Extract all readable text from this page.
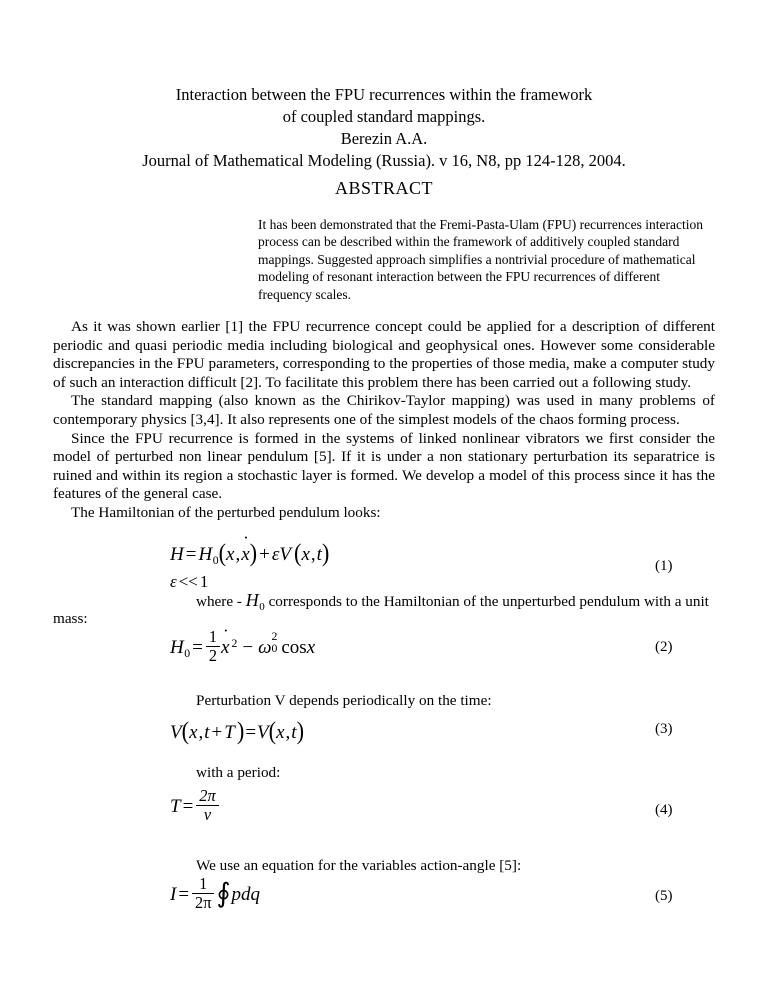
Interaction between the FPU recurrences within the framework
of coupled standard mappings.
Berezin A.A.
Journal of Mathematical Modeling (Russia). v 16, N8, pp 124-128, 2004.
ABSTRACT
It has been demonstrated that the Fremi-Pasta-Ulam (FPU) recurrences interaction process can be described within the framework of additively coupled standard mappings. Suggested approach simplifies a nontrivial procedure of mathematical modeling of resonant interaction between the FPU recurrences of different frequency scales.

As it was shown earlier [1] the FPU recurrence concept could be applied for a description of different periodic and quasi periodic media including biological and geophysical ones. However some considerable discrepancies in the FPU parameters, corresponding to the properties of those media, make a computer study of such an interaction difficult [2]. To facilitate this problem there has been carried out a following study.

The standard mapping (also known as the Chirikov-Taylor mapping) was used in many problems of contemporary physics [3,4]. It also represents one of the simplest models of the chaos forming process.

Since the FPU recurrence is formed in the systems of linked nonlinear vibrators we first consider the model of perturbed non linear pendulum [5]. If it is under a non stationary perturbation its separatrice is ruined and within its region a stochastic layer is formed. We develop a model of this process since it has the features of the general case.

The Hamiltonian of the perturbed pendulum looks:

$H = H_0(x,x$ ˙) + εV (x,t)
ε << 1
(1)
where - $H_0$ corresponds to the Hamiltonian of the unperturbed pendulum with a unit
mass:
$H_0 = \frac{1}{2}$ x ˙ $^2$ − ω
2
0 cosx	(2)
Perturbation V depends periodically on the time:
V(x,t + T)=V(x,t)	(3)
with a period:
$T = \frac{2\pi}{\nu}$	(4)
We use an equation for the variables action-angle [5]:
$I = \frac{1}{2\pi}$ ∮pdq	(5)
